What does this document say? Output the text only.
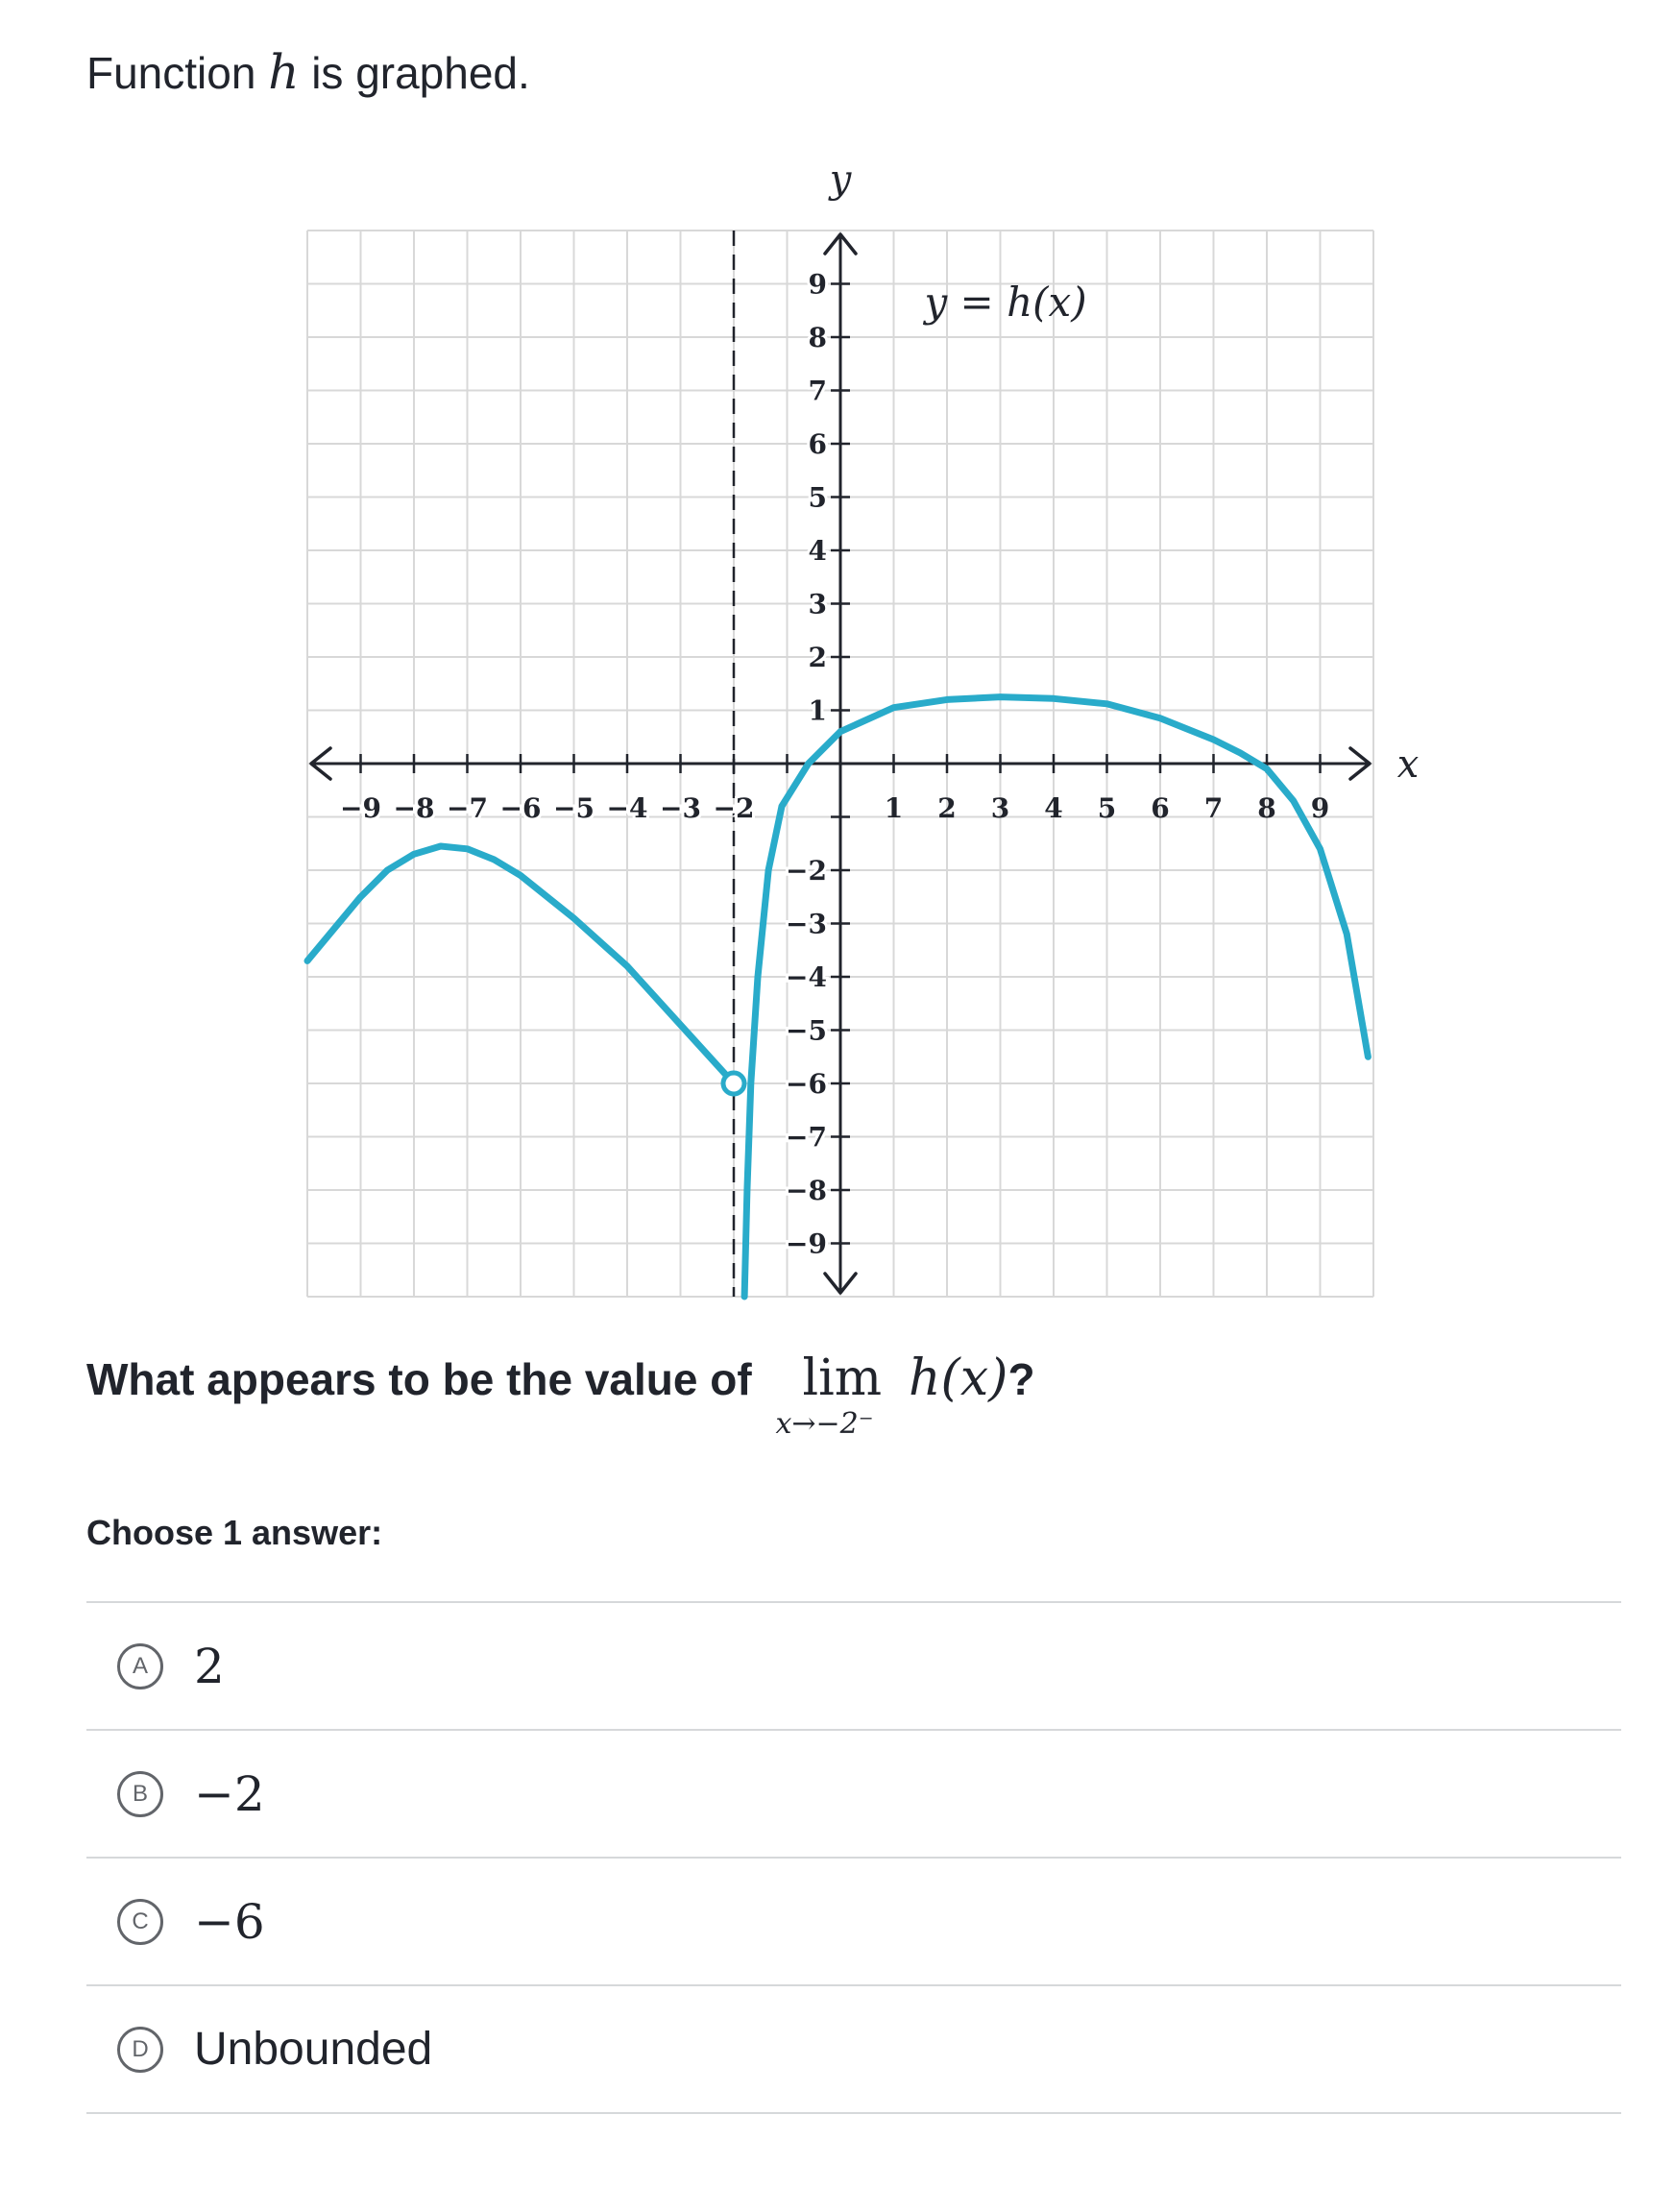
Function h is graphed.
−9 −8 −7 −6 −5 −4 −3 −2	1 2 3 4 5 6 7 8 9
9
8
7
6
5
4
3
2
1
−2
−3
−4
−5
−6
−7
−8
−9
y
x
y = h(x)
What appears to be the value of lim
x→−2⁻
h(x)?
Choose 1 answer:
A 2
B −2
C −6
D Unbounded
